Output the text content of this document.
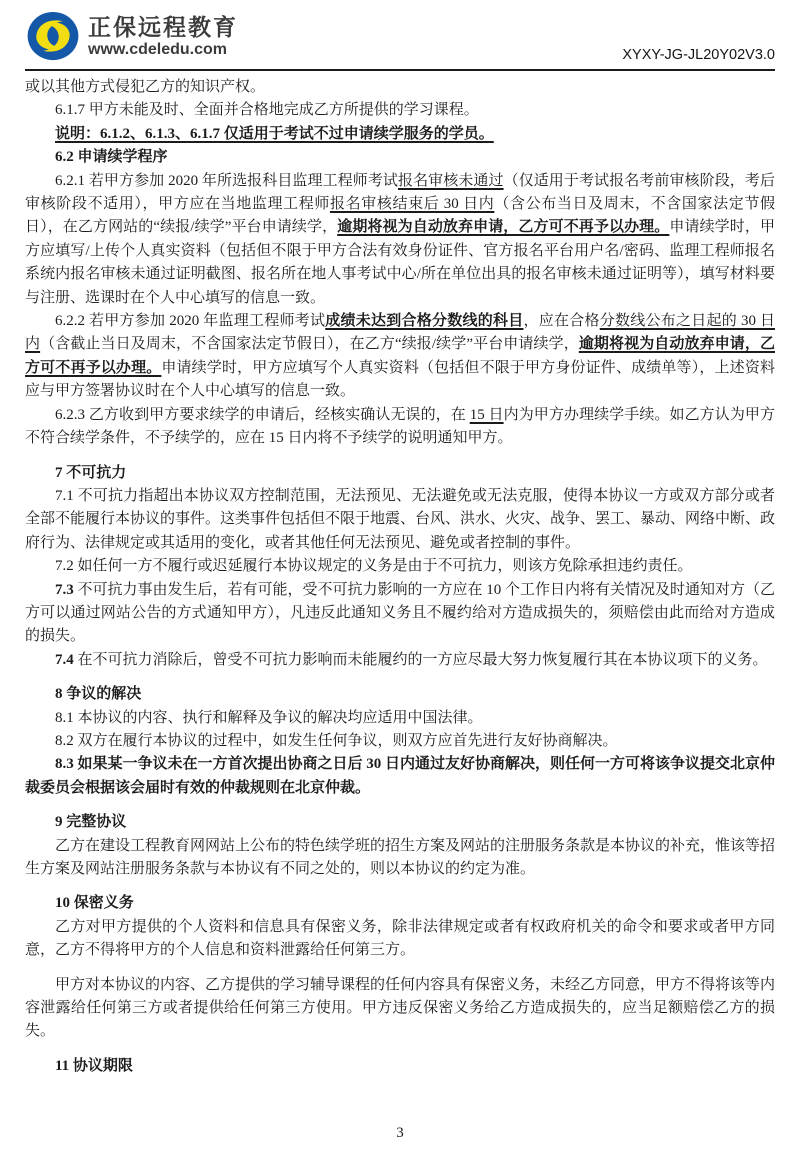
正保远程教育
www.cdeledu.com	XYXY-JG-JL20Y02V3.0

或以其他方式侵犯乙方的知识产权。

6.1.7 甲方未能及时、全面并合格地完成乙方所提供的学习课程。

说明：6.1.2、6.1.3、6.1.7 仅适用于考试不过申请续学服务的学员。

6.2 申请续学程序

6.2.1 若甲方参加 2020 年所选报科目监理工程师考试报名审核未通过（仅适用于考试报名考前审核阶段，考后审核阶段不适用），甲方应在当地监理工程师报名审核结束后 30 日内（含公布当日及周末，不含国家法定节假日），在乙方网站的“续报/续学”平台申请续学，逾期将视为自动放弃申请，乙方可不再予以办理。申请续学时，甲方应填写/上传个人真实资料（包括但不限于甲方合法有效身份证件、官方报名平台用户名/密码、监理工程师报名系统内报名审核未通过证明截图、报名所在地人事考试中心/所在单位出具的报名审核未通过证明等），填写材料要与注册、选课时在个人中心填写的信息一致。

6.2.2 若甲方参加 2020 年监理工程师考试成绩未达到合格分数线的科目，应在合格分数线公布之日起的 30 日内（含截止当日及周末，不含国家法定节假日），在乙方“续报/续学”平台申请续学，逾期将视为自动放弃申请，乙方可不再予以办理。申请续学时，甲方应填写个人真实资料（包括但不限于甲方身份证件、成绩单等），上述资料应与甲方签署协议时在个人中心填写的信息一致。

6.2.3 乙方收到甲方要求续学的申请后，经核实确认无误的，在 15 日内为甲方办理续学手续。如乙方认为甲方不符合续学条件，不予续学的，应在 15 日内将不予续学的说明通知甲方。

7 不可抗力

7.1 不可抗力指超出本协议双方控制范围，无法预见、无法避免或无法克服，使得本协议一方或双方部分或者全部不能履行本协议的事件。这类事件包括但不限于地震、台风、洪水、火灾、战争、罢工、暴动、网络中断、政府行为、法律规定或其适用的变化，或者其他任何无法预见、避免或者控制的事件。

7.2 如任何一方不履行或迟延履行本协议规定的义务是由于不可抗力，则该方免除承担违约责任。

7.3 不可抗力事由发生后，若有可能，受不可抗力影响的一方应在 10 个工作日内将有关情况及时通知对方（乙方可以通过网站公告的方式通知甲方），凡违反此通知义务且不履约给对方造成损失的，须赔偿由此而给对方造成的损失。

7.4 在不可抗力消除后，曾受不可抗力影响而未能履约的一方应尽最大努力恢复履行其在本协议项下的义务。

8 争议的解决

8.1 本协议的内容、执行和解释及争议的解决均应适用中国法律。

8.2 双方在履行本协议的过程中，如发生任何争议，则双方应首先进行友好协商解决。

8.3 如果某一争议未在一方首次提出协商之日后 30 日内通过友好协商解决，则任何一方可将该争议提交北京仲裁委员会根据该会届时有效的仲裁规则在北京仲裁。

9 完整协议

乙方在建设工程教育网网站上公布的特色续学班的招生方案及网站的注册服务条款是本协议的补充，惟该等招生方案及网站注册服务条款与本协议有不同之处的，则以本协议的约定为准。

10 保密义务

乙方对甲方提供的个人资料和信息具有保密义务，除非法律规定或者有权政府机关的命令和要求或者甲方同意，乙方不得将甲方的个人信息和资料泄露给任何第三方。

甲方对本协议的内容、乙方提供的学习辅导课程的任何内容具有保密义务，未经乙方同意，甲方不得将该等内容泄露给任何第三方或者提供给任何第三方使用。甲方违反保密义务给乙方造成损失的，应当足额赔偿乙方的损失。

11 协议期限

3
